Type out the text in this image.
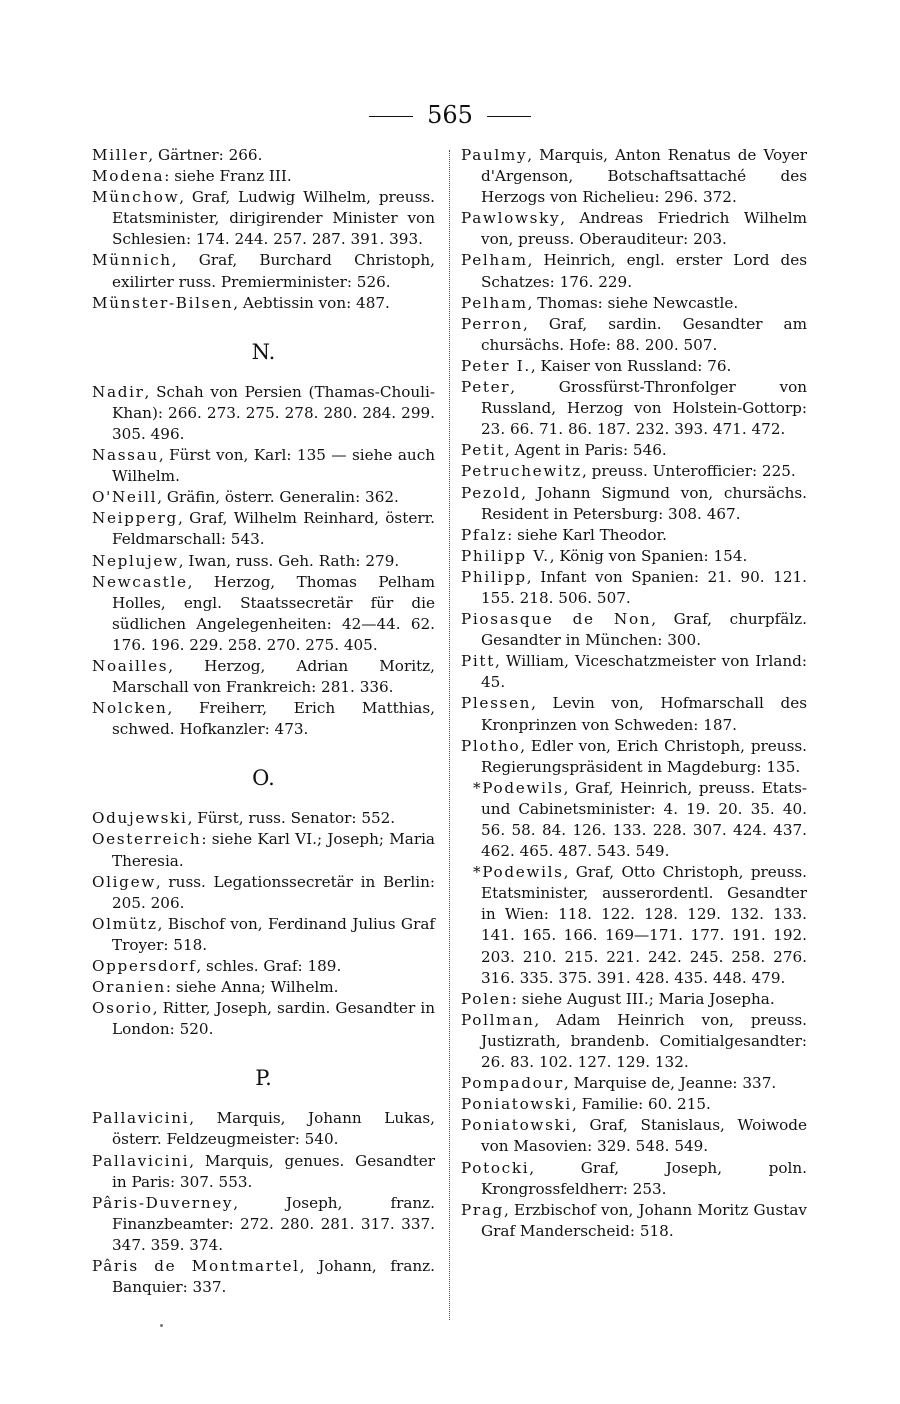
565
Miller, Gärtner: 266.
Modena: siehe Franz III.
Münchow, Graf, Ludwig Wilhelm, preuss. Etatsminister, dirigirender Minister von Schlesien: 174. 244. 257. 287. 391. 393.
Münnich, Graf, Burchard Christoph, exilirter russ. Premierminister: 526.
Münster-Bilsen, Aebtissin von: 487.
N.
Nadir, Schah von Persien (Thamas-Chouli-Khan): 266. 273. 275. 278. 280. 284. 299. 305. 496.
Nassau, Fürst von, Karl: 135 — siehe auch Wilhelm.
O'Neill, Gräfin, österr. Generalin: 362.
Neipperg, Graf, Wilhelm Reinhard, österr. Feldmarschall: 543.
Neplujew, Iwan, russ. Geh. Rath: 279.
Newcastle, Herzog, Thomas Pelham Holles, engl. Staatssecretär für die südlichen Angelegenheiten: 42—44. 62. 176. 196. 229. 258. 270. 275. 405.
Noailles, Herzog, Adrian Moritz, Marschall von Frankreich: 281. 336.
Nolcken, Freiherr, Erich Matthias, schwed. Hofkanzler: 473.
O.
Odujewski, Fürst, russ. Senator: 552.
Oesterreich: siehe Karl VI.; Joseph; Maria Theresia.
Oligew, russ. Legationssecretär in Berlin: 205. 206.
Olmütz, Bischof von, Ferdinand Julius Graf Troyer: 518.
Oppersdorf, schles. Graf: 189.
Oranien: siehe Anna; Wilhelm.
Osorio, Ritter, Joseph, sardin. Gesandter in London: 520.
P.
Pallavicini, Marquis, Johann Lukas, österr. Feldzeugmeister: 540.
Pallavicini, Marquis, genues. Gesandter in Paris: 307. 553.
Pâris-Duverney, Joseph, franz. Finanzbeamter: 272. 280. 281. 317. 337. 347. 359. 374.
Pâris de Montmartel, Johann, franz. Banquier: 337.
Paulmy, Marquis, Anton Renatus de Voyer d'Argenson, Botschaftsattaché des Herzogs von Richelieu: 296. 372.
Pawlowsky, Andreas Friedrich Wilhelm von, preuss. Oberauditeur: 203.
Pelham, Heinrich, engl. erster Lord des Schatzes: 176. 229.
Pelham, Thomas: siehe Newcastle.
Perron, Graf, sardin. Gesandter am chursächs. Hofe: 88. 200. 507.
Peter I., Kaiser von Russland: 76.
Peter, Grossfürst-Thronfolger von Russland, Herzog von Holstein-Gottorp: 23. 66. 71. 86. 187. 232. 393. 471. 472.
Petit, Agent in Paris: 546.
Petruchewitz, preuss. Unterofficier: 225.
Pezold, Johann Sigmund von, chursächs. Resident in Petersburg: 308. 467.
Pfalz: siehe Karl Theodor.
Philipp V., König von Spanien: 154.
Philipp, Infant von Spanien: 21. 90. 121. 155. 218. 506. 507.
Piosasque de Non, Graf, churpfälz. Gesandter in München: 300.
Pitt, William, Viceschatzmeister von Irland: 45.
Plessen, Levin von, Hofmarschall des Kronprinzen von Schweden: 187.
Plotho, Edler von, Erich Christoph, preuss. Regierungspräsident in Magdeburg: 135.
*Podewils, Graf, Heinrich, preuss. Etats- und Cabinetsminister: 4. 19. 20. 35. 40. 56. 58. 84. 126. 133. 228. 307. 424. 437. 462. 465. 487. 543. 549.
*Podewils, Graf, Otto Christoph, preuss. Etatsminister, ausserordentl. Gesandter in Wien: 118. 122. 128. 129. 132. 133. 141. 165. 166. 169—171. 177. 191. 192. 203. 210. 215. 221. 242. 245. 258. 276. 316. 335. 375. 391. 428. 435. 448. 479.
Polen: siehe August III.; Maria Josepha.
Pollman, Adam Heinrich von, preuss. Justizrath, brandenb. Comitialgesandter: 26. 83. 102. 127. 129. 132.
Pompadour, Marquise de, Jeanne: 337.
Poniatowski, Familie: 60. 215.
Poniatowski, Graf, Stanislaus, Woiwode von Masovien: 329. 548. 549.
Potocki, Graf, Joseph, poln. Krongrossfeldherr: 253.
Prag, Erzbischof von, Johann Moritz Gustav Graf Manderscheid: 518.
